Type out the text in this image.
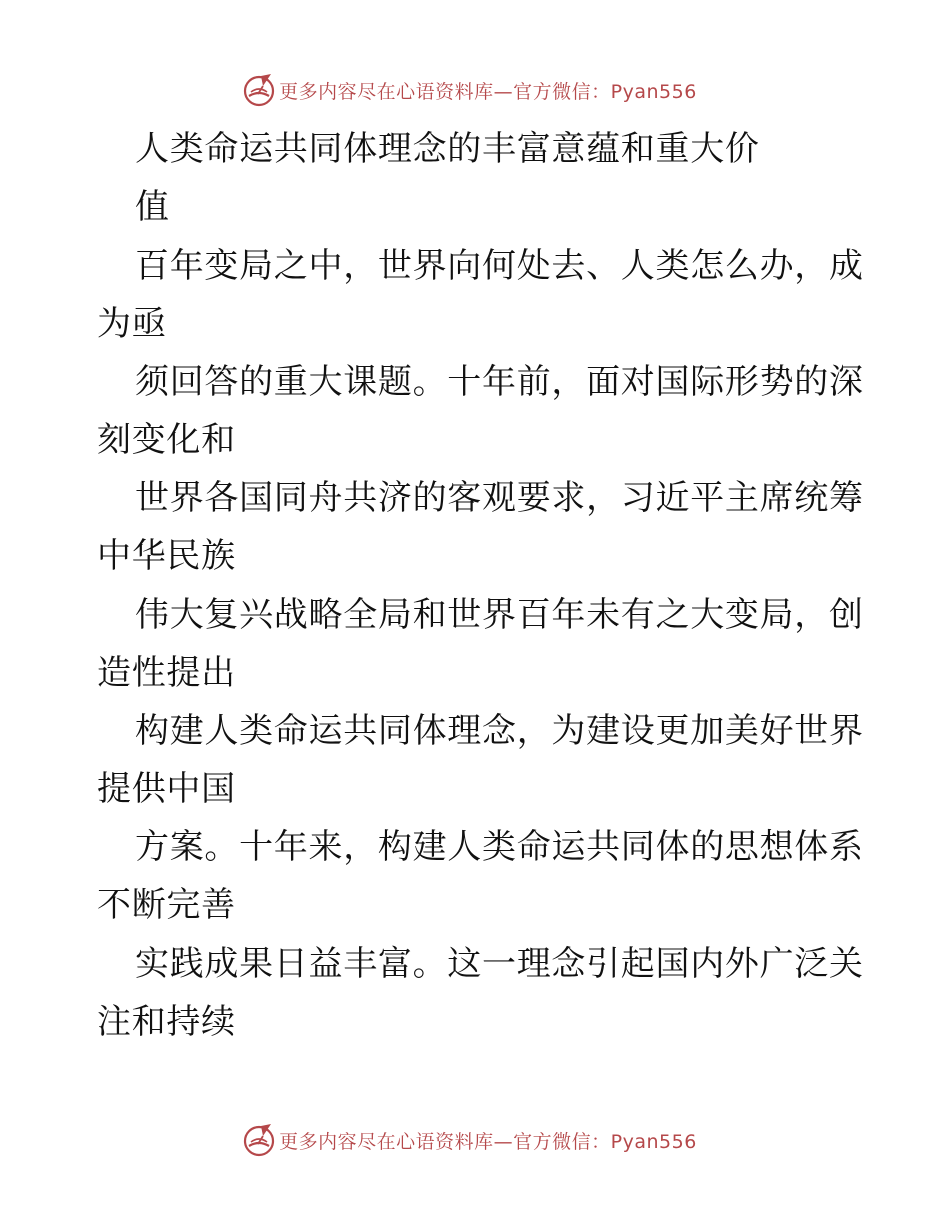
更多内容尽在心语资料库—官方微信：Pyan556
人类命运共同体理念的丰富意蕴和重大价
值
百年变局之中，世界向何处去、人类怎么办，成
为亟
须回答的重大课题。十年前，面对国际形势的深
刻变化和
世界各国同舟共济的客观要求，习近平主席统筹
中华民族
伟大复兴战略全局和世界百年未有之大变局，创
造性提出
构建人类命运共同体理念，为建设更加美好世界
提供中国
方案。十年来，构建人类命运共同体的思想体系
不断完善
实践成果日益丰富。这一理念引起国内外广泛关
注和持续
更多内容尽在心语资料库—官方微信：Pyan556
